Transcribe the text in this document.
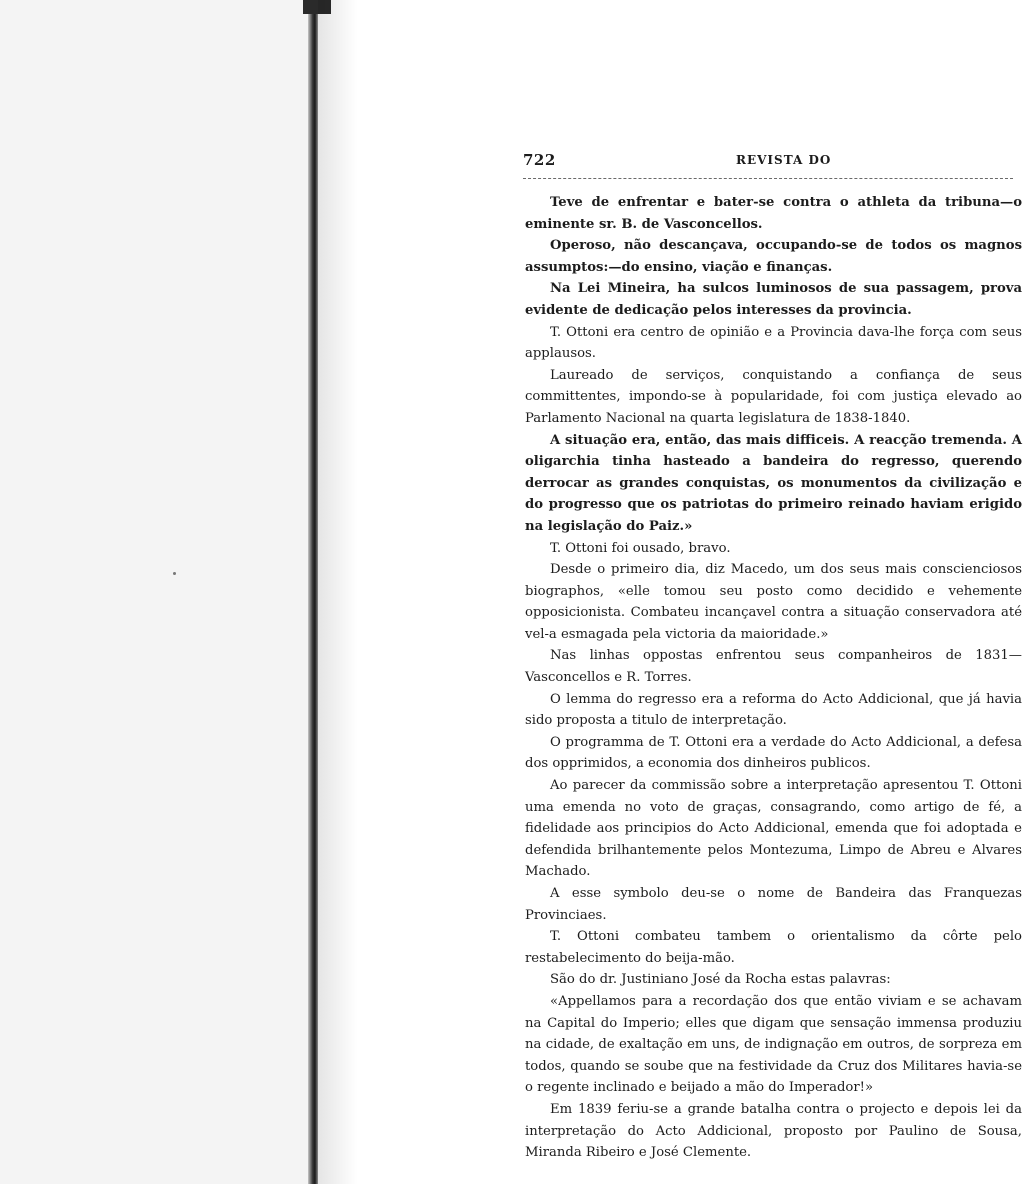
722	REVISTA DO

Teve de enfrentar e bater-se contra o athleta da tribuna—o eminente sr. B. de Vasconcellos.

Operoso, não descançava, occupando-se de todos os magnos assumptos:—do ensino, viação e finanças.

Na Lei Mineira, ha sulcos luminosos de sua passagem, prova evidente de dedicação pelos interesses da provincia.

T. Ottoni era centro de opinião e a Provincia dava-lhe força com seus applausos.

Laureado de serviços, conquistando a confiança de seus committentes, impondo-se à popularidade, foi com justiça elevado ao Parlamento Nacional na quarta legislatura de 1838-1840.

A situação era, então, das mais difficeis. A reacção tremenda. A oligarchia tinha hasteado a bandeira do regresso, querendo derrocar as grandes conquistas, os monumentos da civilização e do progresso que os patriotas do primeiro reinado haviam erigido na legislação do Paiz.»

T. Ottoni foi ousado, bravo.

Desde o primeiro dia, diz Macedo, um dos seus mais conscienciosos biographos, «elle tomou seu posto como decidido e vehemente opposicionista. Combateu incançavel contra a situação conservadora até vel-a esmagada pela victoria da maioridade.»

Nas linhas oppostas enfrentou seus companheiros de 1831—Vasconcellos e R. Torres.

O lemma do regresso era a reforma do Acto Addicional, que já havia sido proposta a titulo de interpretação.

O programma de T. Ottoni era a verdade do Acto Addicional, a defesa dos opprimidos, a economia dos dinheiros publicos.

Ao parecer da commissão sobre a interpretação apresentou T. Ottoni uma emenda no voto de graças, consagrando, como artigo de fé, a fidelidade aos principios do Acto Addicional, emenda que foi adoptada e defendida brilhantemente pelos Montezuma, Limpo de Abreu e Alvares Machado.

A esse symbolo deu-se o nome de Bandeira das Franquezas Provinciaes.

T. Ottoni combateu tambem o orientalismo da côrte pelo restabelecimento do beija-mão.

São do dr. Justiniano José da Rocha estas palavras:

«Appellamos para a recordação dos que então viviam e se achavam na Capital do Imperio; elles que digam que sensação immensa produziu na cidade, de exaltação em uns, de indignação em outros, de sorpreza em todos, quando se soube que na festividade da Cruz dos Militares havia-se o regente inclinado e beijado a mão do Imperador!»

Em 1839 feriu-se a grande batalha contra o projecto e depois lei da interpretação do Acto Addicional, proposto por Paulino de Sousa, Miranda Ribeiro e José Clemente.
